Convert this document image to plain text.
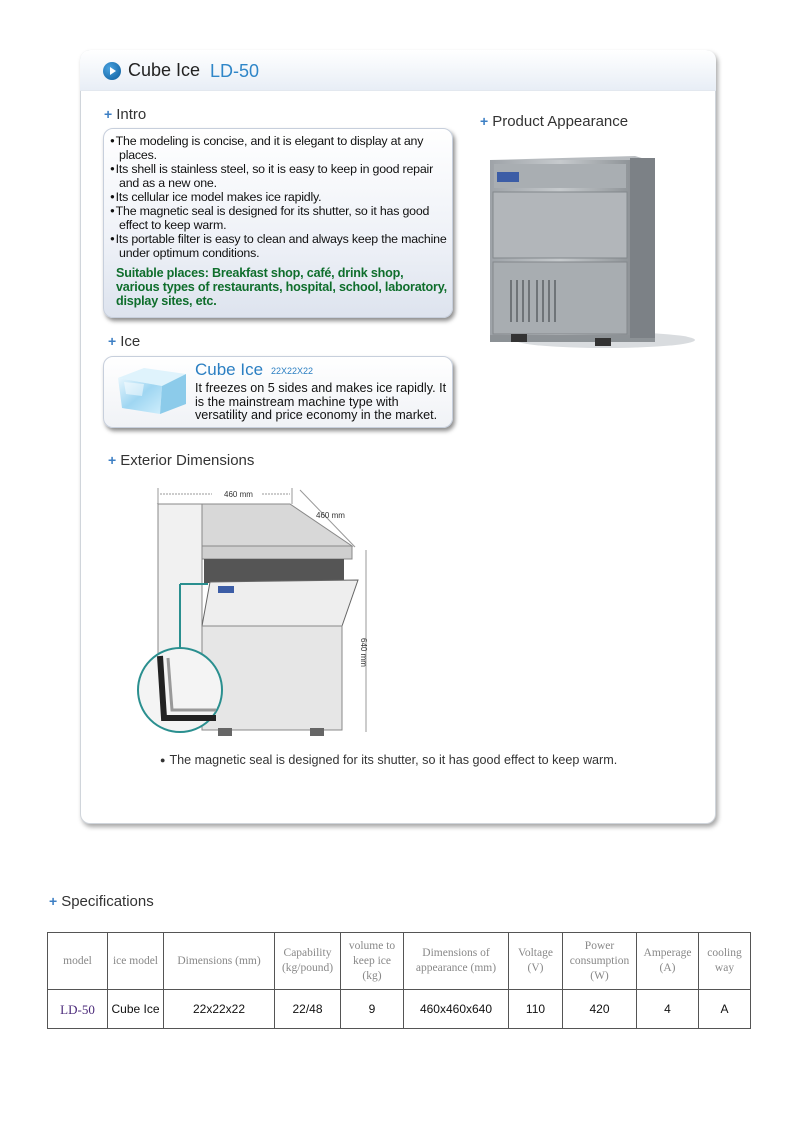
Cube Ice LD-50
+ Intro
● The modeling is concise, and it is elegant to display at any places.
● Its shell is stainless steel, so it is easy to keep in good repair and as a new one.
● Its cellular ice model makes ice rapidly.
● The magnetic seal is designed for its shutter, so it has good effect to keep warm.
● Its portable filter is easy to clean and always keep the machine under optimum conditions.
Suitable places: Breakfast shop, café, drink shop, various types of restaurants, hospital, school, laboratory, display sites, etc.
+ Ice
Cube Ice 22X22X22
It freezes on 5 sides and makes ice rapidly. It is the mainstream machine type with versatility and price economy in the market.
+ Product Appearance
+ Exterior Dimensions
460 mm
460 mm
640 mm
● The magnetic seal is designed for its shutter, so it has good effect to keep warm.
+ Specifications
model	ice model	Dimensions (mm)	Capability (kg/pound)	volume to keep ice (kg)	Dimensions of appearance (mm)	Voltage (V)	Power consumption (W)	Amperage (A)	cooling way
LD-50	Cube Ice	22x22x22	22/48	9	460x460x640	110	420	4	A
